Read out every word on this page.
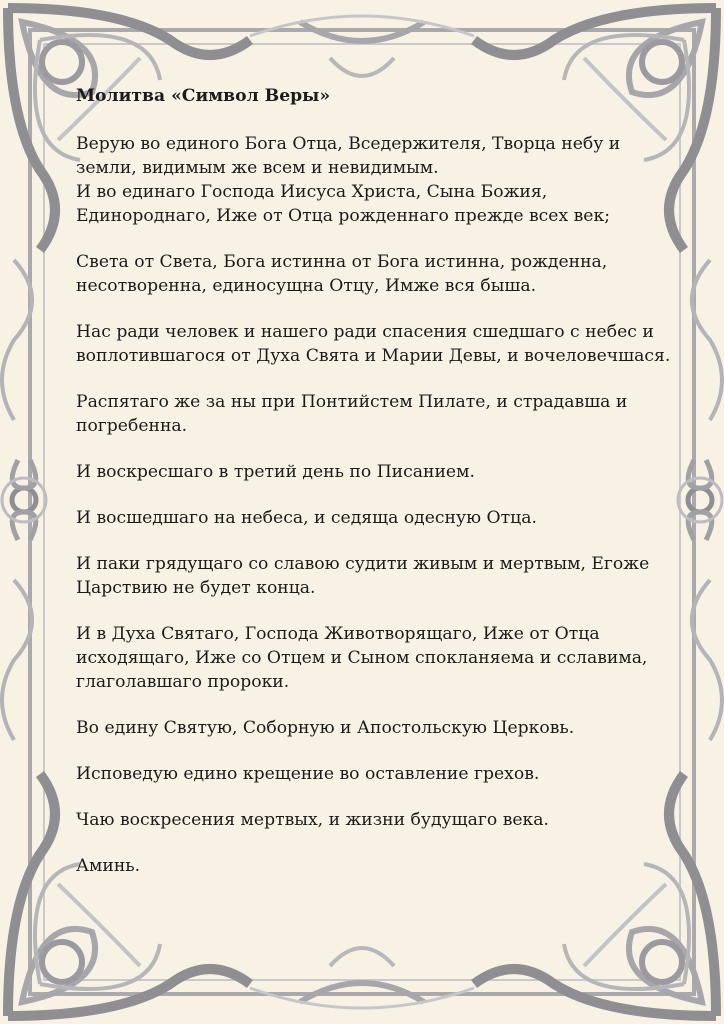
Молитва «Символ Веры»
Верую во единого Бога Отца, Вседержителя, Творца небу и
земли, видимым же всем и невидимым.
И во единаго Господа Иисуса Христа, Сына Божия,
Единороднаго, Иже от Отца рожденнаго прежде всех век;
Света от Света, Бога истинна от Бога истинна, рожденна,
несотворенна, единосущна Отцу, Имже вся быша.
Нас ради человек и нашего ради спасения сшедшаго с небес и
воплотившагося от Духа Свята и Марии Девы, и вочеловечшася.
Распятаго же за ны при Понтийстем Пилате, и страдавша и
погребенна.
И воскресшаго в третий день по Писанием.
И восшедшаго на небеса, и седяща одесную Отца.
И паки грядущаго со славою судити живым и мертвым, Егоже
Царствию не будет конца.
И в Духа Святаго, Господа Животворящаго, Иже от Отца
исходящаго, Иже со Отцем и Сыном спокланяема и сславима,
глаголавшаго пророки.
Во едину Святую, Соборную и Апостольскую Церковь.
Исповедую едино крещение во оставление грехов.
Чаю воскресения мертвых, и жизни будущаго века.
Аминь.
